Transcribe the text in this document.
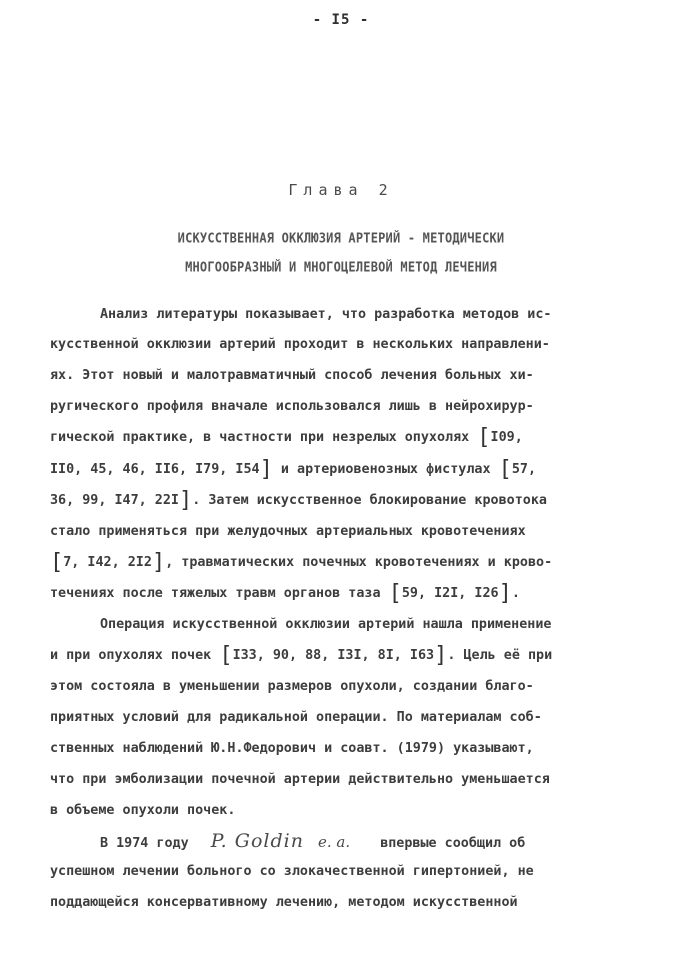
- I5 -
Глава 2
ИСКУССТВЕННАЯ ОККЛЮЗИЯ АРТЕРИЙ - МЕТОДИЧЕСКИ
МНОГООБРАЗНЫЙ И МНОГОЦЕЛЕВОЙ МЕТОД ЛЕЧЕНИЯ
Анализ литературы показывает, что разработка методов ис-
кусственной окклюзии артерий проходит в нескольких направлени-
ях. Этот новый и малотравматичный способ лечения больных хи-
ругического профиля вначале использовался лишь в нейрохирур-
гической практике, в частности при незрелых опухолях [I09,
II0, 45, 46, II6, I79, I54] и артериовенозных фистулах [57,
36, 99, I47, 22I]. Затем искусственное блокирование кровотока
стало применяться при желудочных артериальных кровотечениях
[7, I42, 2I2], травматических почечных кровотечениях и крово-
течениях после тяжелых травм органов таза [59, I2I, I26].
Операция искусственной окклюзии артерий нашла применение
и при опухолях почек [I33, 90, 88, I3I, 8I, I63]. Цель её при
этом состояла в уменьшении размеров опухоли, создании благо-
приятных условий для радикальной операции. По материалам соб-
ственных наблюдений Ю.Н.Федорович и соавт. (1979) указывают,
что при эмболизации почечной артерии действительно уменьшается
в объеме опухоли почек.
В 1974 году P. Goldin e. a. впервые сообщил об
успешном лечении больного со злокачественной гипертонией, не
поддающейся консервативному лечению, методом искусственной
